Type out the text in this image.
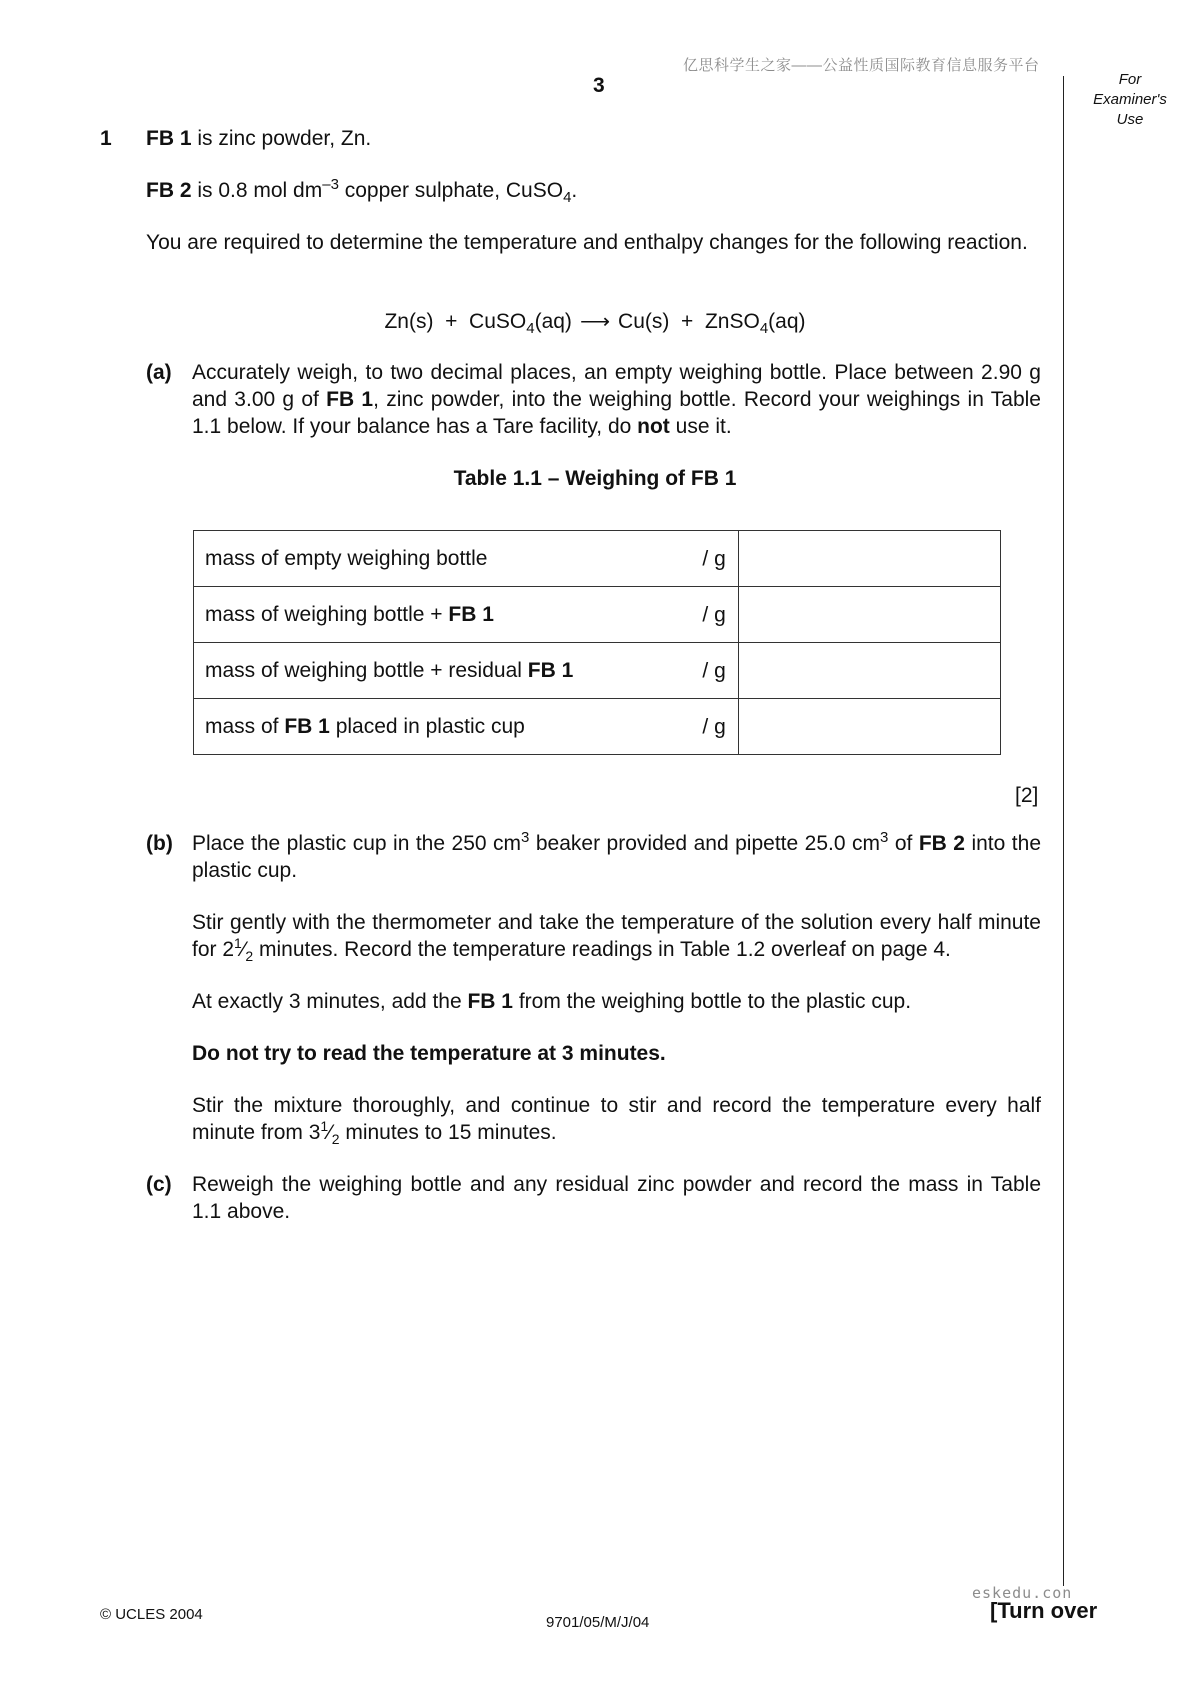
亿思科学生之家——公益性质国际教育信息服务平台
3	For
Examiner's
Use
1 FB 1 is zinc powder, Zn.
FB 2 is 0.8 mol $dm^{-3}$ copper sulphate, CuSO$_4$.
You are required to determine the temperature and enthalpy changes for the following reaction.
Zn(s)  +  CuSO$_4$(aq) ⟶ Cu(s)  +  ZnSO$_4$(aq)
(a) Accurately weigh, to two decimal places, an empty weighing bottle. Place between 2.90 g and 3.00 g of FB 1, zinc powder, into the weighing bottle. Record your weighings in Table 1.1 below. If your balance has a Tare facility, do not use it.
Table 1.1 – Weighing of FB 1
mass of empty weighing bottle / g	

mass of weighing bottle + FB 1 / g	

mass of weighing bottle + residual FB 1 / g	

mass of FB 1 placed in plastic cup / g	

[2]
(b) Place the plastic cup in the 250 $cm^3$ beaker provided and pipette 25.0 $cm^3$ of FB 2 into the plastic cup.
Stir gently with the thermometer and take the temperature of the solution every half minute for $2^1⁄_2$ minutes. Record the temperature readings in Table 1.2 overleaf on page 4.
At exactly 3 minutes, add the FB 1 from the weighing bottle to the plastic cup.
Do not try to read the temperature at 3 minutes.
Stir the mixture thoroughly, and continue to stir and record the temperature every half minute from $3^1⁄_2$ minutes to 15 minutes.
(c) Reweigh the weighing bottle and any residual zinc powder and record the mass in Table 1.1 above.
eskedu.con
© UCLES 2004	9701/05/M/J/04	[Turn over
